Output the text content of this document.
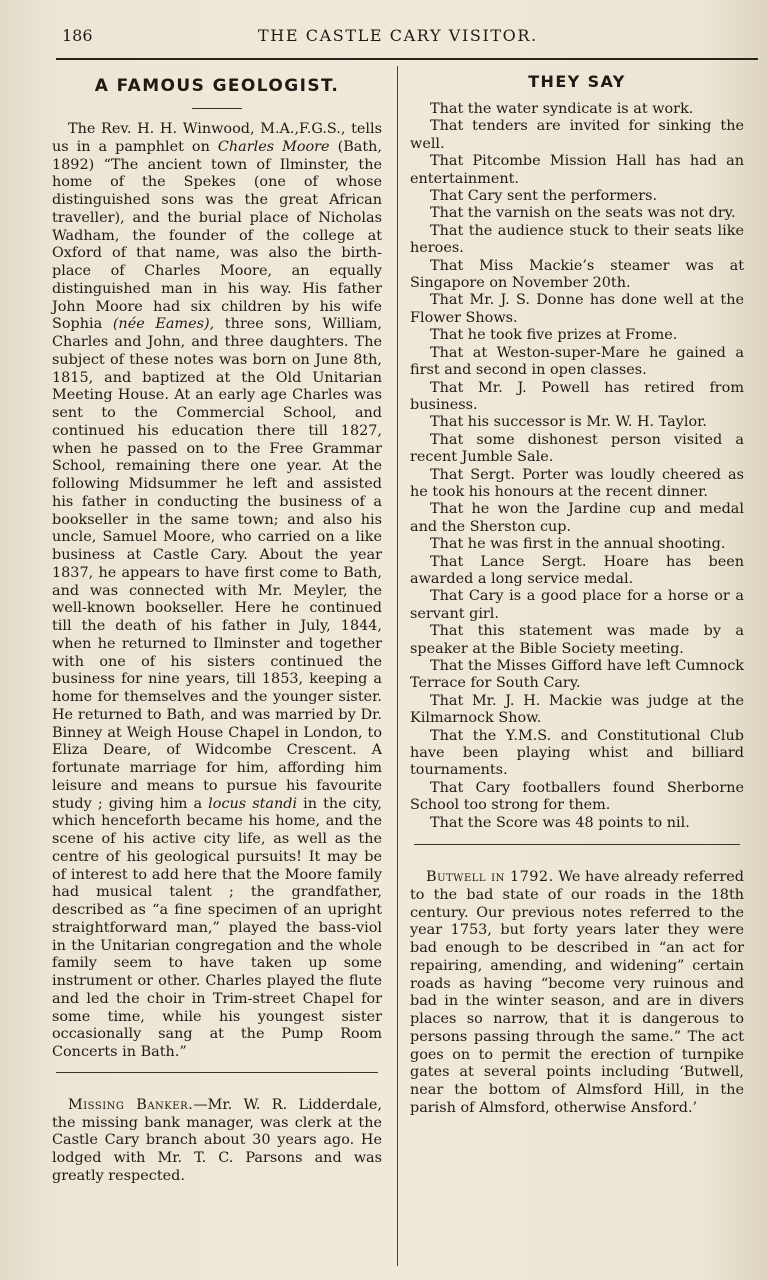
186	THE CASTLE CARY VISITOR.
A FAMOUS GEOLOGIST.

The Rev. H. H. Winwood, M.A.,F.G.S., tells us in a pamphlet on Charles Moore (Bath, 1892) “The ancient town of Ilminster, the home of the Spekes (one of whose distinguished sons was the great African traveller), and the burial place of Nicholas Wadham, the founder of the college at Oxford of that name, was also the birth-place of Charles Moore, an equally distinguished man in his way. His father John Moore had six children by his wife Sophia (née Eames), three sons, William, Charles and John, and three daughters. The subject of these notes was born on June 8th, 1815, and baptized at the Old Unitarian Meeting House. At an early age Charles was sent to the Commercial School, and continued his education there till 1827, when he passed on to the Free Grammar School, remaining there one year. At the following Midsummer he left and assisted his father in conducting the business of a bookseller in the same town; and also his uncle, Samuel Moore, who carried on a like business at Castle Cary. About the year 1837, he appears to have first come to Bath, and was connected with Mr. Meyler, the well-known bookseller. Here he continued till the death of his father in July, 1844, when he returned to Ilminster and together with one of his sisters continued the business for nine years, till 1853, keeping a home for themselves and the younger sister. He returned to Bath, and was married by Dr. Binney at Weigh House Chapel in London, to Eliza Deare, of Widcombe Crescent. A fortunate marriage for him, affording him leisure and means to pursue his favourite study ; giving him a locus standi in the city, which henceforth became his home, and the scene of his active city life, as well as the centre of his geological pursuits! It may be of interest to add here that the Moore family had musical talent ; the grandfather, described as “a fine specimen of an upright straightforward man,” played the bass-viol in the Unitarian congregation and the whole family seem to have taken up some instrument or other. Charles played the flute and led the choir in Trim-street Chapel for some time, while his youngest sister occasionally sang at the Pump Room Concerts in Bath.”

Missing Banker.—Mr. W. R. Lidderdale, the missing bank manager, was clerk at the Castle Cary branch about 30 years ago. He lodged with Mr. T. C. Parsons and was greatly respected.

THEY SAY
That the water syndicate is at work.
That tenders are invited for sinking the well.
That Pitcombe Mission Hall has had an entertainment.
That Cary sent the performers.
That the varnish on the seats was not dry.
That the audience stuck to their seats like heroes.
That Miss Mackie’s steamer was at Singapore on November 20th.
That Mr. J. S. Donne has done well at the Flower Shows.
That he took five prizes at Frome.
That at Weston-super-Mare he gained a first and second in open classes.
That Mr. J. Powell has retired from business.
That his successor is Mr. W. H. Taylor.
That some dishonest person visited a recent Jumble Sale.
That Sergt. Porter was loudly cheered as he took his honours at the recent dinner.
That he won the Jardine cup and medal and the Sherston cup.
That he was first in the annual shooting.
That Lance Sergt. Hoare has been awarded a long service medal.
That Cary is a good place for a horse or a servant girl.
That this statement was made by a speaker at the Bible Society meeting.
That the Misses Gifford have left Cumnock Terrace for South Cary.
That Mr. J. H. Mackie was judge at the Kilmarnock Show.
That the Y.M.S. and Constitutional Club have been playing whist and billiard tournaments.
That Cary footballers found Sherborne School too strong for them.
That the Score was 48 points to nil.

Butwell in 1792. We have already referred to the bad state of our roads in the 18th century. Our previous notes referred to the year 1753, but forty years later they were bad enough to be described in “an act for repairing, amending, and widening” certain roads as having “become very ruinous and bad in the winter season, and are in divers places so narrow, that it is dangerous to persons passing through the same.” The act goes on to permit the erection of turnpike gates at several points including ‘Butwell, near the bottom of Almsford Hill, in the parish of Almsford, otherwise Ansford.’
